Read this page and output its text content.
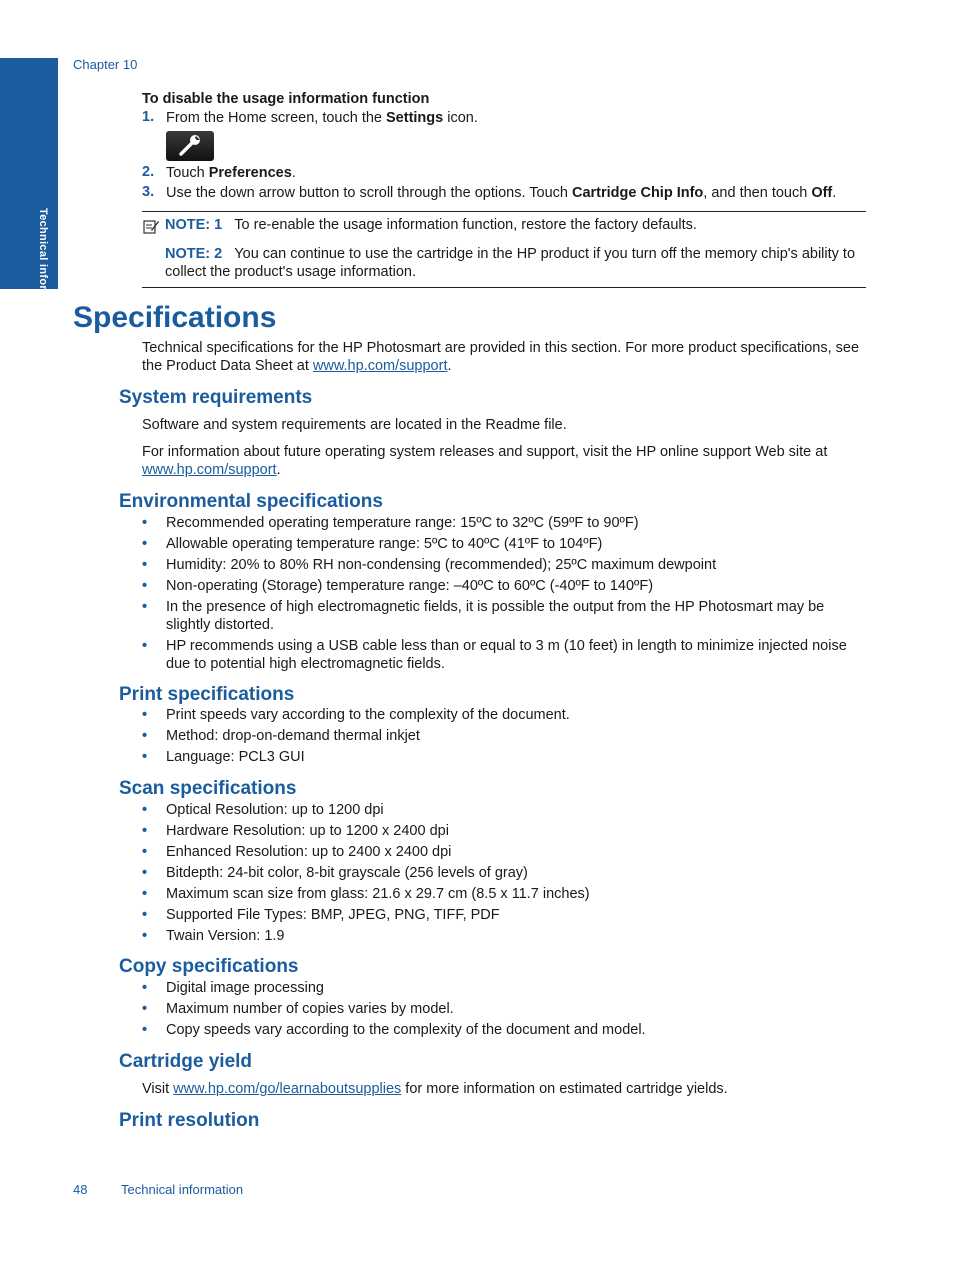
Technical information
Chapter 10
To disable the usage information function
1. From the Home screen, touch the Settings icon.
2. Touch Preferences.
3. Use the down arrow button to scroll through the options. Touch Cartridge Chip Info, and then touch Off.
NOTE: 1 To re-enable the usage information function, restore the factory defaults.
NOTE: 2 You can continue to use the cartridge in the HP product if you turn off the memory chip's ability to collect the product's usage information.
Specifications
Technical specifications for the HP Photosmart are provided in this section. For more product specifications, see the Product Data Sheet at www.hp.com/support.
System requirements
Software and system requirements are located in the Readme file.
For information about future operating system releases and support, visit the HP online support Web site at www.hp.com/support.
Environmental specifications
• Recommended operating temperature range: 15ºC to 32ºC (59ºF to 90ºF)
• Allowable operating temperature range: 5ºC to 40ºC (41ºF to 104ºF)
• Humidity: 20% to 80% RH non-condensing (recommended); 25ºC maximum dewpoint
• Non-operating (Storage) temperature range: –40ºC to 60ºC (-40ºF to 140ºF)
• In the presence of high electromagnetic fields, it is possible the output from the HP Photosmart may be slightly distorted.
• HP recommends using a USB cable less than or equal to 3 m (10 feet) in length to minimize injected noise due to potential high electromagnetic fields.
Print specifications
• Print speeds vary according to the complexity of the document.
• Method: drop-on-demand thermal inkjet
• Language: PCL3 GUI
Scan specifications
• Optical Resolution: up to 1200 dpi
• Hardware Resolution: up to 1200 x 2400 dpi
• Enhanced Resolution: up to 2400 x 2400 dpi
• Bitdepth: 24-bit color, 8-bit grayscale (256 levels of gray)
• Maximum scan size from glass: 21.6 x 29.7 cm (8.5 x 11.7 inches)
• Supported File Types: BMP, JPEG, PNG, TIFF, PDF
• Twain Version: 1.9
Copy specifications
• Digital image processing
• Maximum number of copies varies by model.
• Copy speeds vary according to the complexity of the document and model.
Cartridge yield
Visit www.hp.com/go/learnaboutsupplies for more information on estimated cartridge yields.
Print resolution
48	Technical information
